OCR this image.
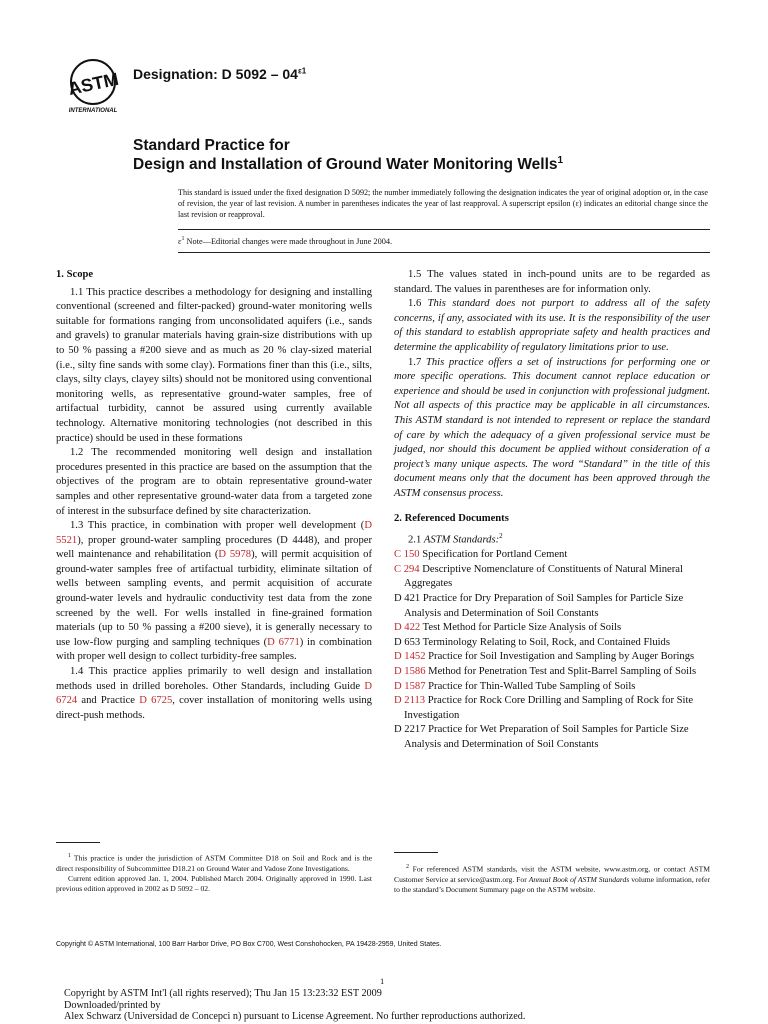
ASTM
INTERNATIONAL
Designation: D $5092 - 04^{\varepsilon 1}$
Standard Practice for
Design and Installation of Ground Water Monitoring Wells$^1$
This standard is issued under the fixed designation D 5092; the number immediately following the designation indicates the year of original adoption or, in the case of revision, the year of last revision. A number in parentheses indicates the year of last reapproval. A superscript epsilon (ε) indicates an editorial change since the last revision or reapproval.
$\varepsilon^1$ Note—Editorial changes were made throughout in June 2004.

1. Scope

1.1 This practice describes a methodology for designing and installing conventional (screened and filter-packed) ground-water monitoring wells suitable for formations ranging from unconsolidated aquifers (i.e., sands and gravels) to granular materials having grain-size distributions with up to 50 % passing a #200 sieve and as much as 20 % clay-sized material (i.e., silty fine sands with some clay). Formations finer than this (i.e., silts, clays, silty clays, clayey silts) should not be monitored using conventional monitoring wells, as representative ground-water samples, free of artifactual turbidity, cannot be assured using currently available technology. Alternative monitoring technologies (not described in this practice) should be used in these formations

1.2 The recommended monitoring well design and installation procedures presented in this practice are based on the assumption that the objectives of the program are to obtain representative ground-water samples and other representative ground-water data from a targeted zone of interest in the subsurface defined by site characterization.

1.3 This practice, in combination with proper well development (D 5521), proper ground-water sampling procedures (D 4448), and proper well maintenance and rehabilitation (D 5978), will permit acquisition of ground-water samples free of artifactual turbidity, eliminate siltation of wells between sampling events, and permit acquisition of accurate ground-water levels and hydraulic conductivity test data from the zone screened by the well. For wells installed in fine-grained formation materials (up to 50 % passing a #200 sieve), it is generally necessary to use low-flow purging and sampling techniques (D 6771) in combination with proper well design to collect turbidity-free samples.

1.4 This practice applies primarily to well design and installation methods used in drilled boreholes. Other Standards, including Guide D 6724 and Practice D 6725, cover installation of monitoring wells using direct-push methods.

1.5 The values stated in inch-pound units are to be regarded as standard. The values in parentheses are for information only.

1.6 This standard does not purport to address all of the safety concerns, if any, associated with its use. It is the responsibility of the user of this standard to establish appropriate safety and health practices and determine the applicability of regulatory limitations prior to use.

1.7 This practice offers a set of instructions for performing one or more specific operations. This document cannot replace education or experience and should be used in conjunction with professional judgment. Not all aspects of this practice may be applicable in all circumstances. This ASTM standard is not intended to represent or replace the standard of care by which the adequacy of a given professional service must be judged, nor should this document be applied without consideration of a project’s many unique aspects. The word “Standard” in the title of this document means only that the document has been approved through the ASTM consensus process.

2. Referenced Documents

2.1 ASTM Standards:$^2$

C 150 Specification for Portland Cement

C 294 Descriptive Nomenclature of Constituents of Natural Mineral Aggregates

D 421 Practice for Dry Preparation of Soil Samples for Particle Size Analysis and Determination of Soil Constants

D 422 Test Method for Particle Size Analysis of Soils

D 653 Terminology Relating to Soil, Rock, and Contained Fluids

D 1452 Practice for Soil Investigation and Sampling by Auger Borings

D 1586 Method for Penetration Test and Split-Barrel Sampling of Soils

D 1587 Practice for Thin-Walled Tube Sampling of Soils

D 2113 Practice for Rock Core Drilling and Sampling of Rock for Site Investigation

D 2217 Practice for Wet Preparation of Soil Samples for Particle Size Analysis and Determination of Soil Constants

$^1$ This practice is under the jurisdiction of ASTM Committee D18 on Soil and Rock and is the direct responsibility of Subcommittee D18.21 on Ground Water and Vadose Zone Investigations.

Current edition approved Jan. 1, 2004. Published March 2004. Originally approved in 1990. Last previous edition approved in 2002 as D 5092 – 02.

$^2$ For referenced ASTM standards, visit the ASTM website, www.astm.org, or contact ASTM Customer Service at service@astm.org. For Annual Book of ASTM Standards volume information, refer to the standard’s Document Summary page on the ASTM website.

Copyright © ASTM International, 100 Barr Harbor Drive, PO Box C700, West Conshohocken, PA 19428-2959, United States.
1
Copyright by ASTM Int'l (all rights reserved); Thu Jan 15 13:23:32 EST 2009
Downloaded/printed by
Alex Schwarz (Universidad de Concepci n) pursuant to License Agreement. No further reproductions authorized.
